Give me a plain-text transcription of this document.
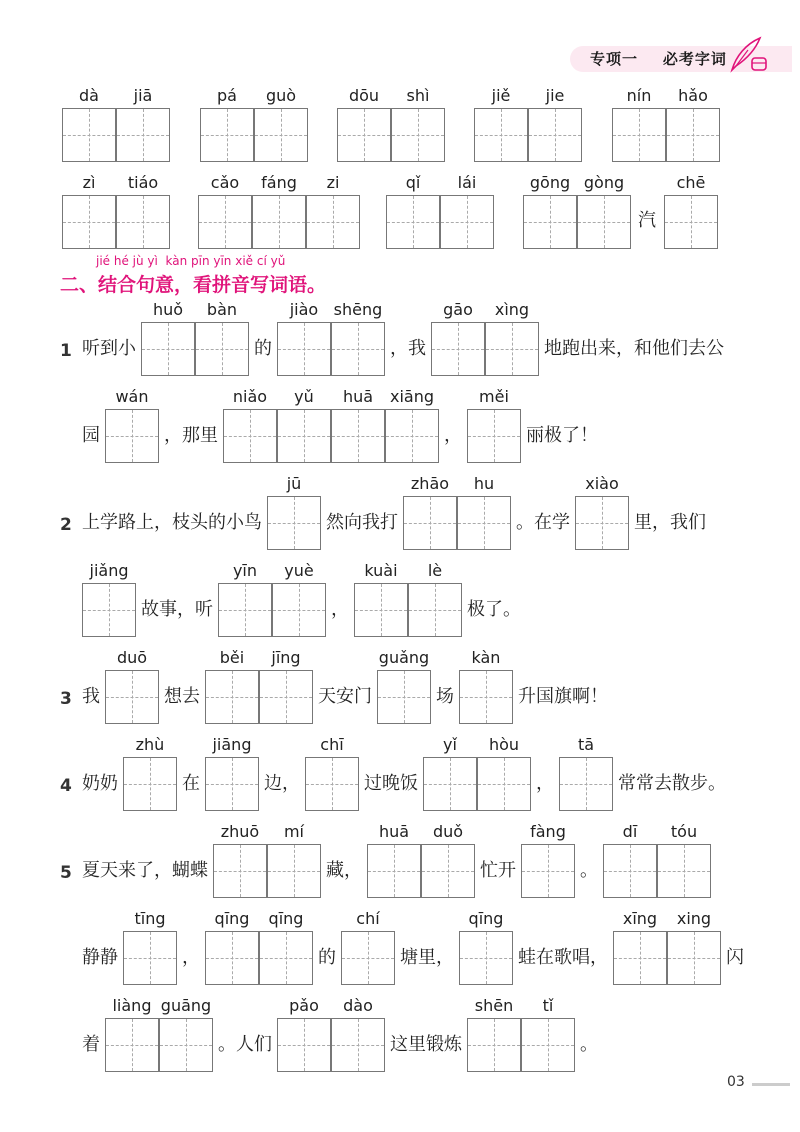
专项一    必考字词
dà	jiā	pá	guò	dōu	shì	jiě	jie	nín	hǎo
zì	tiáo	cǎo	fáng	zi	qǐ	lái	gōng gòng
汽
chē
jié hé jù yì  kàn pīn yīn xiě cí yǔ
二、结合句意，看拼音写词语。
1 听到小
huǒ	bàn
的
jiào shēng
，我
gāo	xìng
地跑出来，和他们去公
园
wán
，那里
niǎo	yǔ	huā	xiāng
，
měi
丽极了！
2 上学路上，枝头的小鸟
jū
然向我打
zhāo	hu
。在学
xiào
里，我们
jiǎng
故事，听
yīn	yuè
，
kuài	lè
极了。
3 我
duō
想去
běi	jīng
天安门
guǎng
场
kàn
升国旗啊！
4 奶奶
zhù
在
jiāng
边，
chī
过晚饭
yǐ	hòu
，
tā
常常去散步。
5 夏天来了，蝴蝶
zhuō	mí
藏，
huā	duǒ
忙开
fàng
。
dī	tóu
静静
tīng
，
qīng	qīng
的
chí
塘里，
qīng
蛙在歌唱，
xīng	xing
闪
着
liàng guāng
。人们
pǎo	dào
这里锻炼
shēn	tǐ
。
03
